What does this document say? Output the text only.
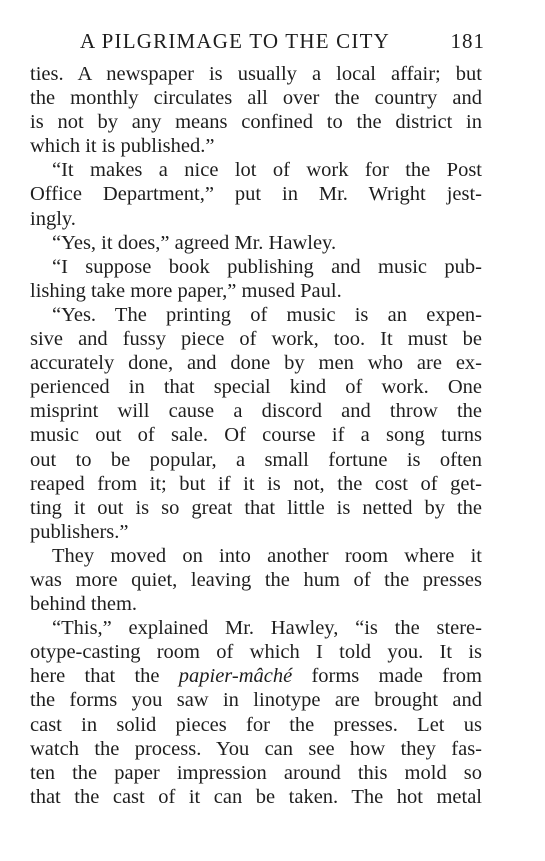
A PILGRIMAGE TO THE CITY	181
ties. A newspaper is usually a local affair; but
the monthly circulates all over the country and
is not by any means confined to the district in
which it is published.”
“It makes a nice lot of work for the Post
Office Department,” put in Mr. Wright jest-
ingly.
“Yes, it does,” agreed Mr. Hawley.
“I suppose book publishing and music pub-
lishing take more paper,” mused Paul.
“Yes. The printing of music is an expen-
sive and fussy piece of work, too. It must be
accurately done, and done by men who are ex-
perienced in that special kind of work. One
misprint will cause a discord and throw the
music out of sale. Of course if a song turns
out to be popular, a small fortune is often
reaped from it; but if it is not, the cost of get-
ting it out is so great that little is netted by the
publishers.”
They moved on into another room where it
was more quiet, leaving the hum of the presses
behind them.
“This,” explained Mr. Hawley, “is the stere-
otype-casting room of which I told you. It is
here that the papier-mâché forms made from
the forms you saw in linotype are brought and
cast in solid pieces for the presses. Let us
watch the process. You can see how they fas-
ten the paper impression around this mold so
that the cast of it can be taken. The hot metal
